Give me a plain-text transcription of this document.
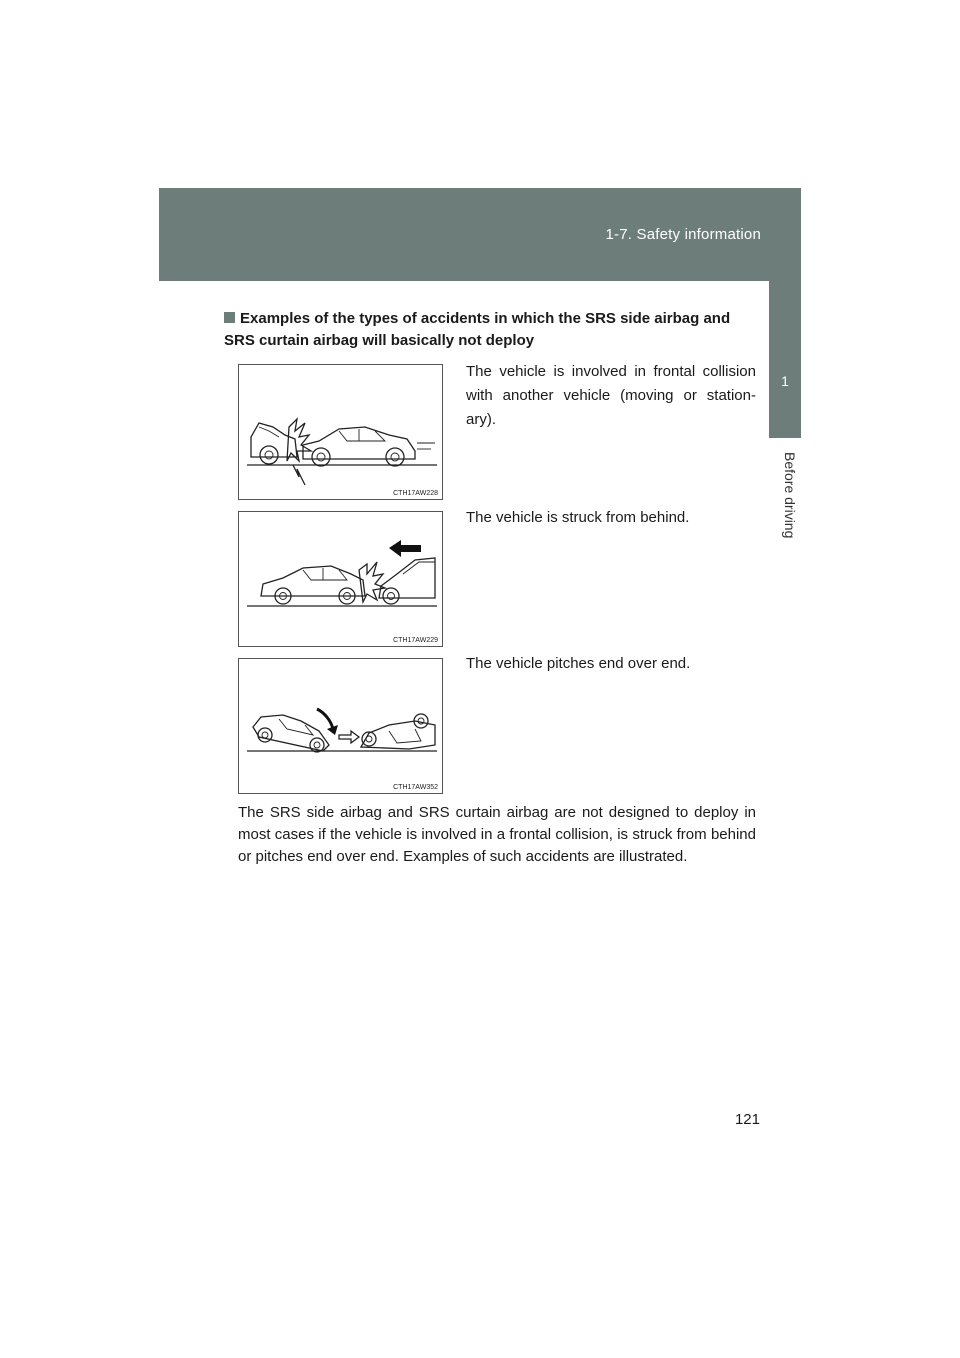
1-7. Safety information
1
Before driving
Examples of the types of accidents in which the SRS side airbag and SRS curtain airbag will basically not deploy
CTH17AW228
The vehicle is involved in frontal collision with another vehicle (moving or station-ary).
CTH17AW229
The vehicle is struck from behind.
CTH17AW352
The vehicle pitches end over end.
The SRS side airbag and SRS curtain airbag are not designed to deploy in most cases if the vehicle is involved in a frontal collision, is struck from behind or pitches end over end. Examples of such accidents are illustrated.
121
